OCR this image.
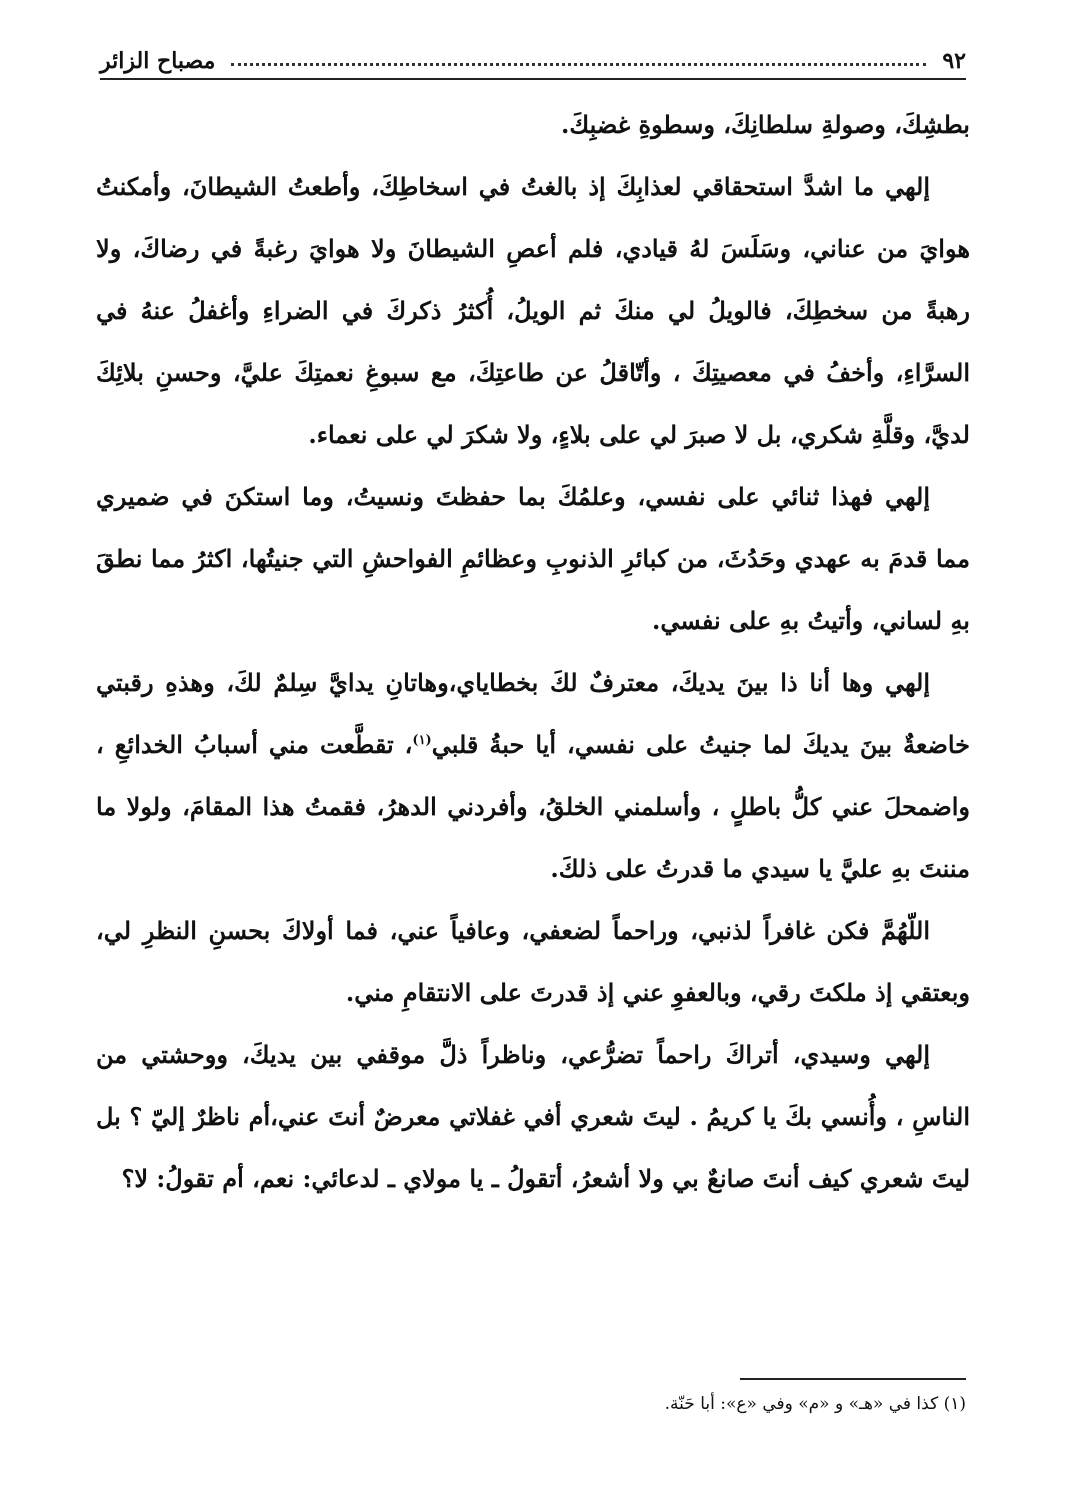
٩٢
مصباح الزائر

بطشِكَ، وصولةِ سلطانِكَ، وسطوةِ غضبِكَ.

إلهي ما اشدَّ استحقاقي لعذابِكَ إذ بالغتُ في اسخاطِكَ، وأطعتُ الشيطانَ، وأمكنتُ هوايَ من عناني، وسَلَسَ لهُ قيادي، فلم أعصِ الشيطانَ ولا هوايَ رغبةً في رضاكَ، ولا رهبةً من سخطِكَ، فالويلُ لي منكَ ثم الويلُ، أُكثرُ ذكركَ في الضراءِ وأغفلُ عنهُ في السرَّاءِ، وأخفُ في معصيتِكَ ، وأتّاقلُ عن طاعتِكَ، مع سبوغِ نعمتِكَ عليَّ، وحسنِ بلائِكَ لديَّ، وقلَّةِ شكري، بل لا صبرَ لي على بلاءٍ، ولا شكرَ لي على نعماء.

إلهي فهذا ثنائي على نفسي، وعلمُكَ بما حفظتَ ونسيتُ، وما استكنَ في ضميري مما قدمَ به عهدي وحَدُثَ، من كبائرِ الذنوبِ وعظائمِ الفواحشِ التي جنيتُها، اكثرُ مما نطقَ بهِ لساني، وأتيتُ بهِ على نفسي.

إلهي وها أنا ذا بينَ يديكَ، معترفٌ لكَ بخطاياي،وهاتانِ يدايَّ سِلمٌ لكَ، وهذهِ رقبتي خاضعةٌ بينَ يديكَ لما جنيتُ على نفسي، أيا حبةُ قلبي$^{(١)}$، تقطَّعت مني أسبابُ الخدائعِ ، واضمحلَ عني كلُّ باطلٍ ، وأسلمني الخلقُ، وأفردني الدهرُ، فقمتُ هذا المقامَ، ولولا ما مننتَ بهِ عليَّ يا سيدي ما قدرتُ على ذلكَ.

اللّهُمَّ فكن غافراً لذنبي، وراحماً لضعفي، وعافياً عني، فما أولاكَ بحسنِ النظرِ لي، وبعتقي إذ ملكتَ رقي، وبالعفوِ عني إذ قدرتَ على الانتقامِ مني.

إلهي وسيدي، أتراكَ راحماً تضرُّعي، وناظراً ذلَّ موقفي بين يديكَ، ووحشتي من الناسِ ، وأُنسي بكَ يا كريمُ . ليتَ شعري أفي غفلاتي معرضٌ أنتَ عني،أم ناظرٌ إليّ ؟ بل ليتَ شعري كيف أنتَ صانعٌ بي ولا أشعرُ، أتقولُ ـ يا مولاي ـ لدعائي: نعم، أم تقولُ: لا؟

(١) كذا في «هـ» و «م» وفي «ع»: أبا حَنّة.
